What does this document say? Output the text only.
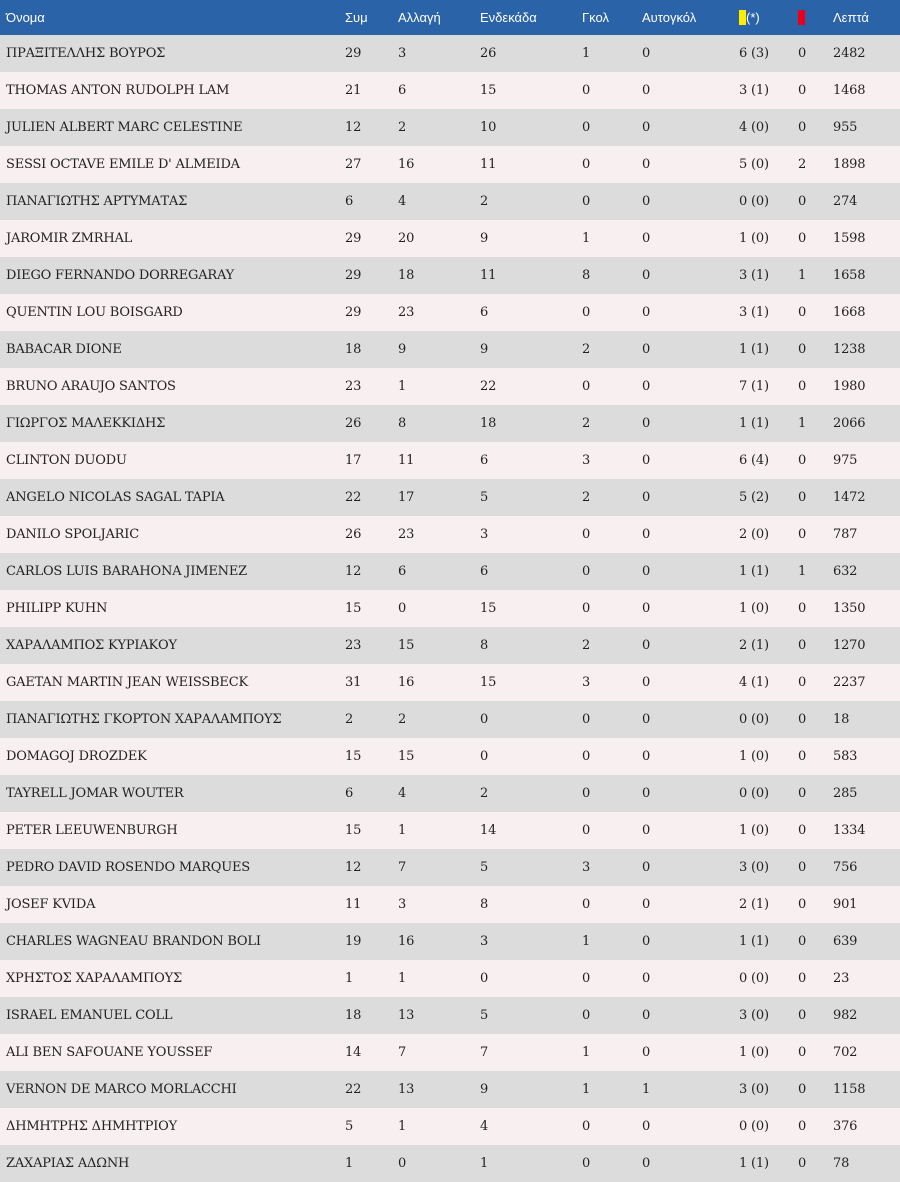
Όνομα	Συμ	Αλλαγή	Ενδεκάδα	Γκολ	Αυτογκόλ	(*)		Λεπτά
ΠΡΑΞΙΤΕΛΛΗΣ ΒΟΥΡΟΣ	29	3	26	1	0	6 (3)	0	2482
THOMAS ANTON RUDOLPH LAM	21	6	15	0	0	3 (1)	0	1468
JULIEN ALBERT MARC CELESTINE	12	2	10	0	0	4 (0)	0	955
SESSI OCTAVE EMILE D' ALMEIDA	27	16	11	0	0	5 (0)	2	1898
ΠΑΝΑΓΙΩΤΗΣ ΑΡΤΥΜΑΤΑΣ	6	4	2	0	0	0 (0)	0	274
JAROMIR ZMRHAL	29	20	9	1	0	1 (0)	0	1598
DIEGO FERNANDO DORREGARAY	29	18	11	8	0	3 (1)	1	1658
QUENTIN LOU BOISGARD	29	23	6	0	0	3 (1)	0	1668
BABACAR DIONE	18	9	9	2	0	1 (1)	0	1238
BRUNO ARAUJO SANTOS	23	1	22	0	0	7 (1)	0	1980
ΓΙΩΡΓΟΣ ΜΑΛΕΚΚΙΔΗΣ	26	8	18	2	0	1 (1)	1	2066
CLINTON DUODU	17	11	6	3	0	6 (4)	0	975
ANGELO NICOLAS SAGAL TAPIA	22	17	5	2	0	5 (2)	0	1472
DANILO SPOLJARIC	26	23	3	0	0	2 (0)	0	787
CARLOS LUIS BARAHONA JIMENEZ	12	6	6	0	0	1 (1)	1	632
PHILIPP KUHN	15	0	15	0	0	1 (0)	0	1350
ΧΑΡΑΛΑΜΠΟΣ ΚΥΡΙΑΚΟΥ	23	15	8	2	0	2 (1)	0	1270
GAETAN MARTIN JEAN WEISSBECK	31	16	15	3	0	4 (1)	0	2237
ΠΑΝΑΓΙΩΤΗΣ ΓΚΟΡΤΟΝ ΧΑΡΑΛΑΜΠΟΥΣ	2	2	0	0	0	0 (0)	0	18
DOMAGOJ DROZDEK	15	15	0	0	0	1 (0)	0	583
TAYRELL JOMAR WOUTER	6	4	2	0	0	0 (0)	0	285
PETER LEEUWENBURGH	15	1	14	0	0	1 (0)	0	1334
PEDRO DAVID ROSENDO MARQUES	12	7	5	3	0	3 (0)	0	756
JOSEF KVIDA	11	3	8	0	0	2 (1)	0	901
CHARLES WAGNEAU BRANDON BOLI	19	16	3	1	0	1 (1)	0	639
ΧΡΗΣΤΟΣ ΧΑΡΑΛΑΜΠΟΥΣ	1	1	0	0	0	0 (0)	0	23
ISRAEL EMANUEL COLL	18	13	5	0	0	3 (0)	0	982
ALI BEN SAFOUANE YOUSSEF	14	7	7	1	0	1 (0)	0	702
VERNON DE MARCO MORLACCHI	22	13	9	1	1	3 (0)	0	1158
ΔΗΜΗΤΡΗΣ ΔΗΜΗΤΡΙΟΥ	5	1	4	0	0	0 (0)	0	376
ΖΑΧΑΡΙΑΣ ΑΔΩΝΗ	1	0	1	0	0	1 (1)	0	78
